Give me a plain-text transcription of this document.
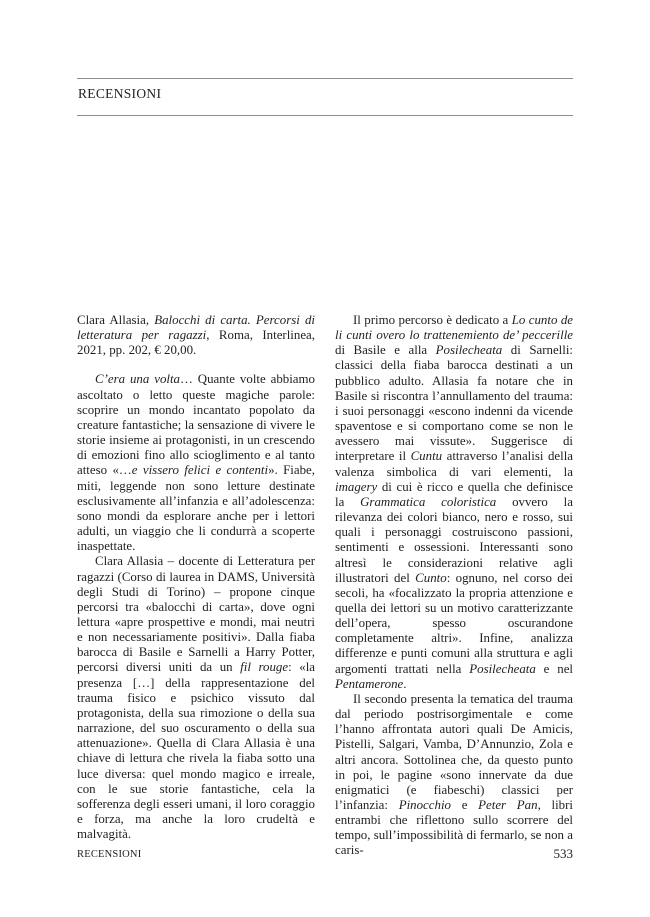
RECENSIONI

Clara Allasia, Balocchi di carta. Percorsi di letteratura per ragazzi, Roma, Interlinea, 2021, pp. 202, € 20,00.

C’era una volta… Quante volte abbiamo ascoltato o letto queste magiche parole: scoprire un mondo incantato popolato da creature fantastiche; la sensazione di vivere le storie insieme ai protagonisti, in un crescendo di emozioni fino allo scioglimento e al tanto atteso «…e vissero felici e contenti». Fiabe, miti, leggende non sono letture destinate esclusivamente all’infanzia e all’adolescenza: sono mondi da esplorare anche per i lettori adulti, un viaggio che li condurrà a scoperte inaspettate.

Clara Allasia – docente di Letteratura per ragazzi (Corso di laurea in DAMS, Università degli Studi di Torino) – propone cinque percorsi tra «balocchi di carta», dove ogni lettura «apre prospettive e mondi, mai neutri e non necessariamente positivi». Dalla fiaba barocca di Basile e Sarnelli a Harry Potter, percorsi diversi uniti da un fil rouge: «la presenza […] della rappresentazione del trauma fisico e psichico vissuto dal protagonista, della sua rimozione o della sua narrazione, del suo oscuramento o della sua attenuazione». Quella di Clara Allasia è una chiave di lettura che rivela la fiaba sotto una luce diversa: quel mondo magico e irreale, con le sue storie fantastiche, cela la sofferenza degli esseri umani, il loro coraggio e forza, ma anche la loro crudeltà e malvagità.

Il primo percorso è dedicato a Lo cunto de li cunti overo lo trattenemiento de’ peccerille di Basile e alla Posilecheata di Sarnelli: classici della fiaba barocca destinati a un pubblico adulto. Allasia fa notare che in Basile si riscontra l’annullamento del trauma: i suoi personaggi «escono indenni da vicende spaventose e si comportano come se non le avessero mai vissute». Suggerisce di interpretare il Cuntu attraverso l’analisi della valenza simbolica di vari elementi, la imagery di cui è ricco e quella che definisce la Grammatica coloristica ovvero la rilevanza dei colori bianco, nero e rosso, sui quali i personaggi costruiscono passioni, sentimenti e ossessioni. Interessanti sono altresì le considerazioni relative agli illustratori del Cunto: ognuno, nel corso dei secoli, ha «focalizzato la propria attenzione e quella dei lettori su un motivo caratterizzante dell’opera, spesso oscurandone completamente altri». Infine, analizza differenze e punti comuni alla struttura e agli argomenti trattati nella Posilecheata e nel Pentamerone.

Il secondo presenta la tematica del trauma dal periodo postrisorgimentale e come l’hanno affrontata autori quali De Amicis, Pistelli, Salgari, Vamba, D’Annunzio, Zola e altri ancora. Sottolinea che, da questo punto in poi, le pagine «sono innervate da due enigmatici (e fiabeschi) classici per l’infanzia: Pinocchio e Peter Pan, libri entrambi che riflettono sullo scorrere del tempo, sull’impossibilità di fermarlo, se non a caris-

RECENSIONI	533
